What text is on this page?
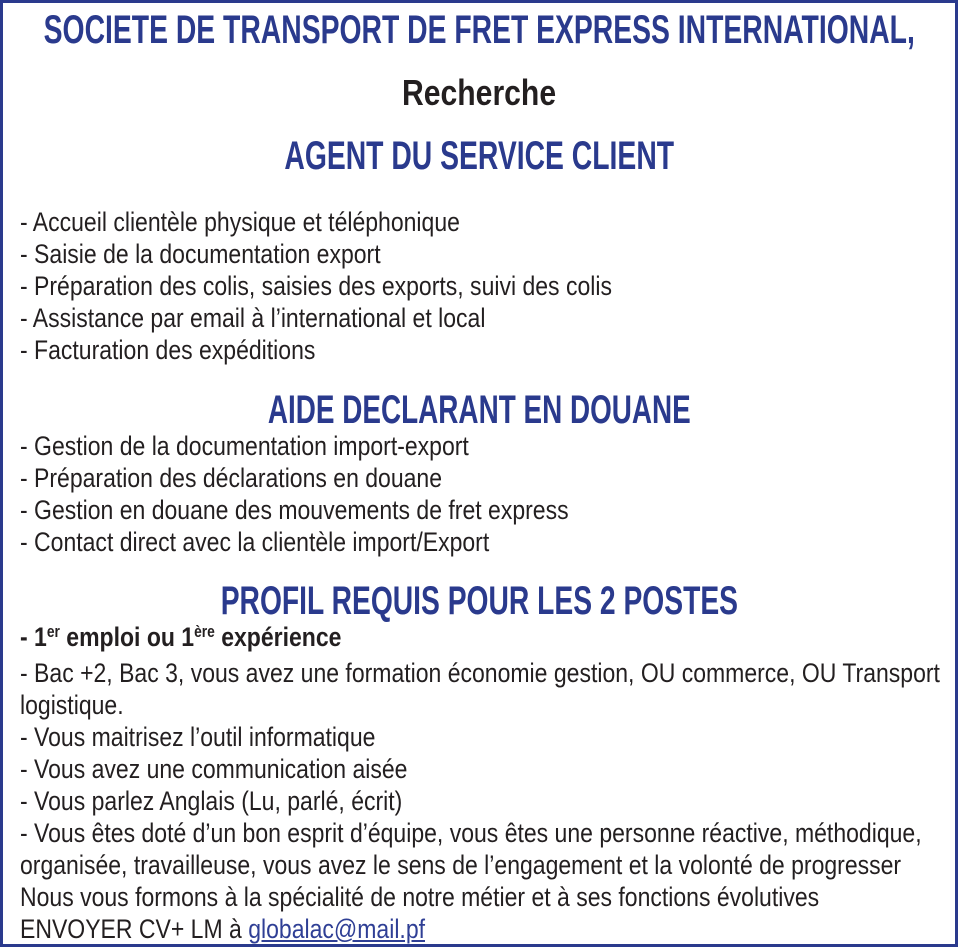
SOCIETE DE TRANSPORT DE FRET EXPRESS INTERNATIONAL,
Recherche
AGENT DU SERVICE CLIENT
- Accueil clientèle physique et téléphonique
- Saisie de la documentation export
- Préparation des colis, saisies des exports, suivi des colis
- Assistance par email à l’international et local
- Facturation des expéditions
AIDE DECLARANT EN DOUANE
- Gestion de la documentation import-export
- Préparation des déclarations en douane
- Gestion en douane des mouvements de fret express
- Contact direct avec la clientèle import/Export
PROFIL REQUIS POUR LES 2 POSTES
- 1er emploi ou 1ère expérience
- Bac +2, Bac 3, vous avez une formation économie gestion, OU commerce, OU Transport logistique.
- Vous maitrisez l’outil informatique
- Vous avez une communication aisée
- Vous parlez Anglais (Lu, parlé, écrit)
- Vous êtes doté d’un bon esprit d’équipe, vous êtes une personne réactive, méthodique, organisée, travailleuse, vous avez le sens de l’engagement et la volonté de progresser
Nous vous formons à la spécialité de notre métier et à ses fonctions évolutives
ENVOYER CV+ LM à globalac@mail.pf
